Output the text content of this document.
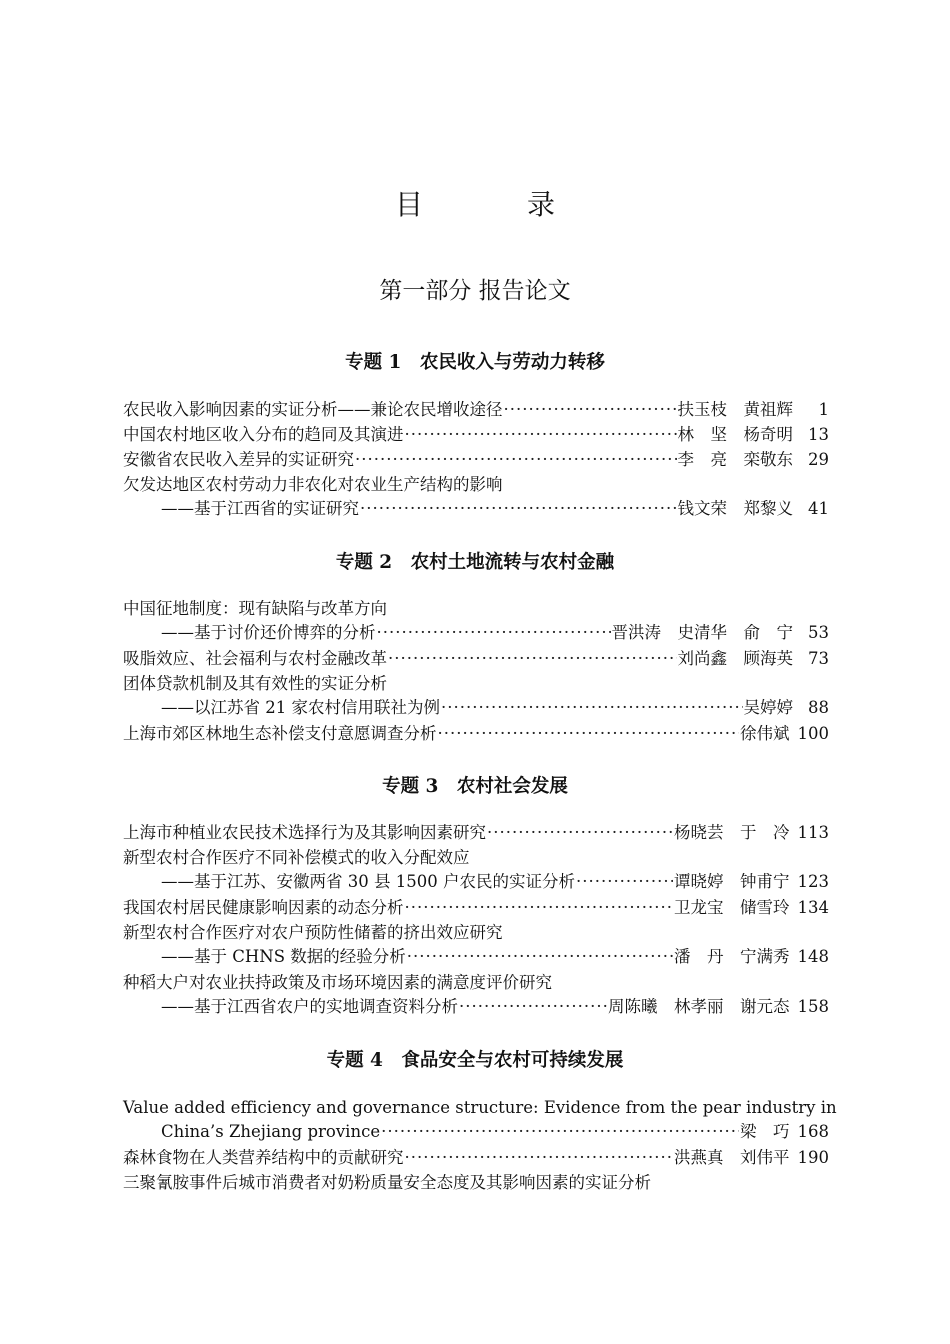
目　录
第一部分 报告论文
专题 1　农民收入与劳动力转移
农民收入影响因素的实证分析——兼论农民增收途径 ·····	扶玉枝　黄祖辉	1
中国农村地区收入分布的趋同及其演进 ·····	林　坚　杨奇明 13
安徽省农民收入差异的实证研究 ·····	李　亮　栾敬东 29
欠发达地区农村劳动力非农化对农业生产结构的影响
——基于江西省的实证研究 ·····	钱文荣　郑黎义 41
专题 2　农村土地流转与农村金融
中国征地制度：现有缺陷与改革方向
——基于讨价还价博弈的分析 ·····	晋洪涛　史清华　俞　宁 53
吸脂效应、社会福利与农村金融改革 ·····	刘尚鑫　顾海英 73
团体贷款机制及其有效性的实证分析
——以江苏省 21 家农村信用联社为例 ·····	吴婷婷 88
上海市郊区林地生态补偿支付意愿调查分析 ·····	徐伟斌 100
专题 3　农村社会发展
上海市种植业农民技术选择行为及其影响因素研究 ·····	杨晓芸　于　冷 113
新型农村合作医疗不同补偿模式的收入分配效应
——基于江苏、安徽两省 30 县 1500 户农民的实证分析 ·····	谭晓婷　钟甫宁 123
我国农村居民健康影响因素的动态分析 ·····	卫龙宝　储雪玲 134
新型农村合作医疗对农户预防性储蓄的挤出效应研究
——基于 CHNS 数据的经验分析 ·····	潘　丹　宁满秀 148
种稻大户对农业扶持政策及市场环境因素的满意度评价研究
——基于江西省农户的实地调查资料分析 ·····	周陈曦　林孝丽　谢元态 158
专题 4　食品安全与农村可持续发展
Value added efficiency and governance structure: Evidence from the pear industry in
China’s Zhejiang province ·····	梁　巧 168
森林食物在人类营养结构中的贡献研究 ·····	洪燕真　刘伟平 190
三聚氰胺事件后城市消费者对奶粉质量安全态度及其影响因素的实证分析
